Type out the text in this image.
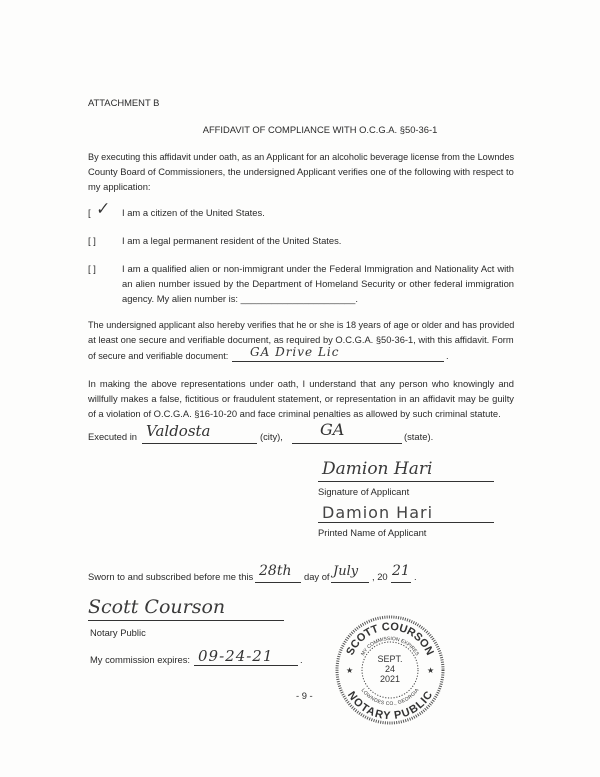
ATTACHMENT B
AFFIDAVIT OF COMPLIANCE WITH O.C.G.A. §50-36-1
By executing this affidavit under oath, as an Applicant for an alcoholic beverage license from the Lowndes
County Board of Commissioners, the undersigned Applicant verifies one of the following with respect to
my application:
[ ✓ I am a citizen of the United States.
[ ]	I am a legal permanent resident of the United States.
[ ]	I am a qualified alien or non-immigrant under the Federal Immigration and Nationality Act with
an alien number issued by the Department of Homeland Security or other federal immigration
agency. My alien number is: ______________________.
The undersigned applicant also hereby verifies that he or she is 18 years of age or older and has provided
at least one secure and verifiable document, as required by O.C.G.A. §50-36-1, with this affidavit. Form
of secure and verifiable document: GA Drive Lic	.
In making the above representations under oath, I understand that any person who knowingly and
willfully makes a false, fictitious or fraudulent statement, or representation in an affidavit may be guilty
of a violation of O.C.G.A. §16-10-20 and face criminal penalties as allowed by such criminal statute.
Executed in Valdosta	(city), GA	(state).
Damion Hari
Signature of Applicant
Damion Hari
Printed Name of Applicant
Sworn to and subscribed before me this 28th day of July , 20 21 .
Scott Courson
Notary Public
My commission expires: 09-24-21	.
- 9 -
SCOTT COURSON
NOTARY PUBLIC
MY COMMISSION EXPIRES
LOWNDES CO., GEORGIA
SEPT.
24
2021
★	★
